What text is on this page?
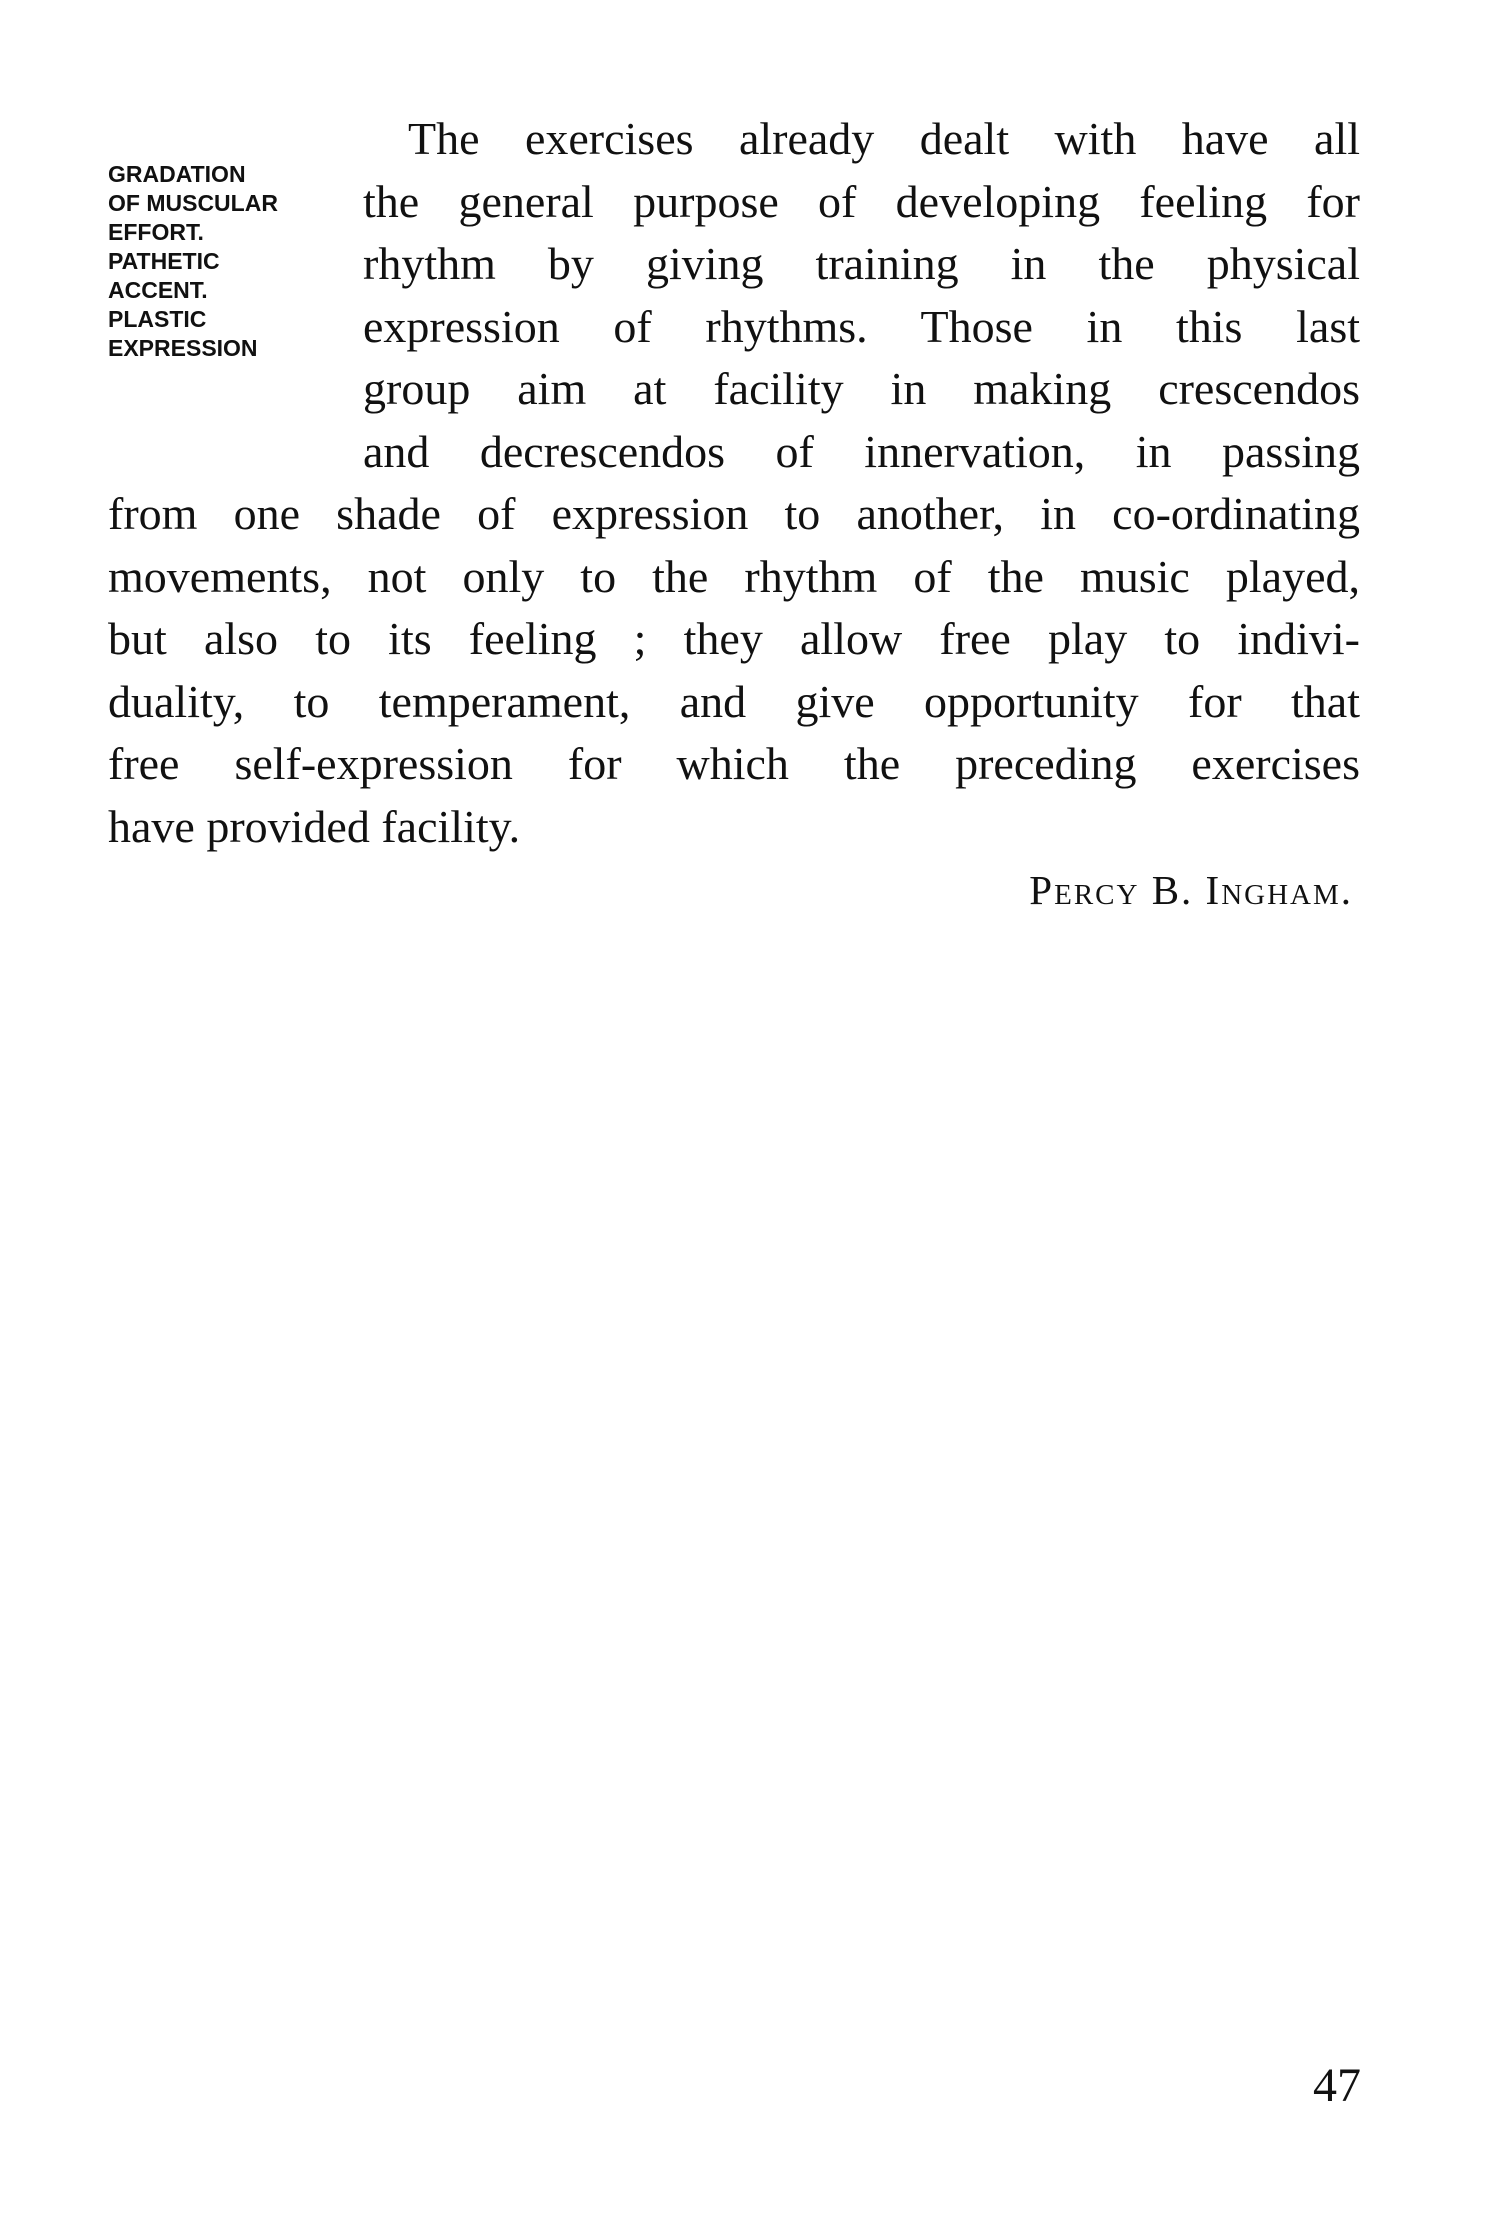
GRADATION
OF MUSCULAR
EFFORT.
PATHETIC
ACCENT.
PLASTIC
EXPRESSION
The exercises already dealt with have all
the general purpose of developing feeling for
rhythm by giving training in the physical
expression of rhythms. Those in this last
group aim at facility in making crescendos
and decrescendos of innervation, in passing
from one shade of expression to another, in co-ordinating
movements, not only to the rhythm of the music played,
but also to its feeling ; they allow free play to indivi-
duality, to temperament, and give opportunity for that
free self-expression for which the preceding exercises
have provided facility.
Percy B. Ingham.
47
